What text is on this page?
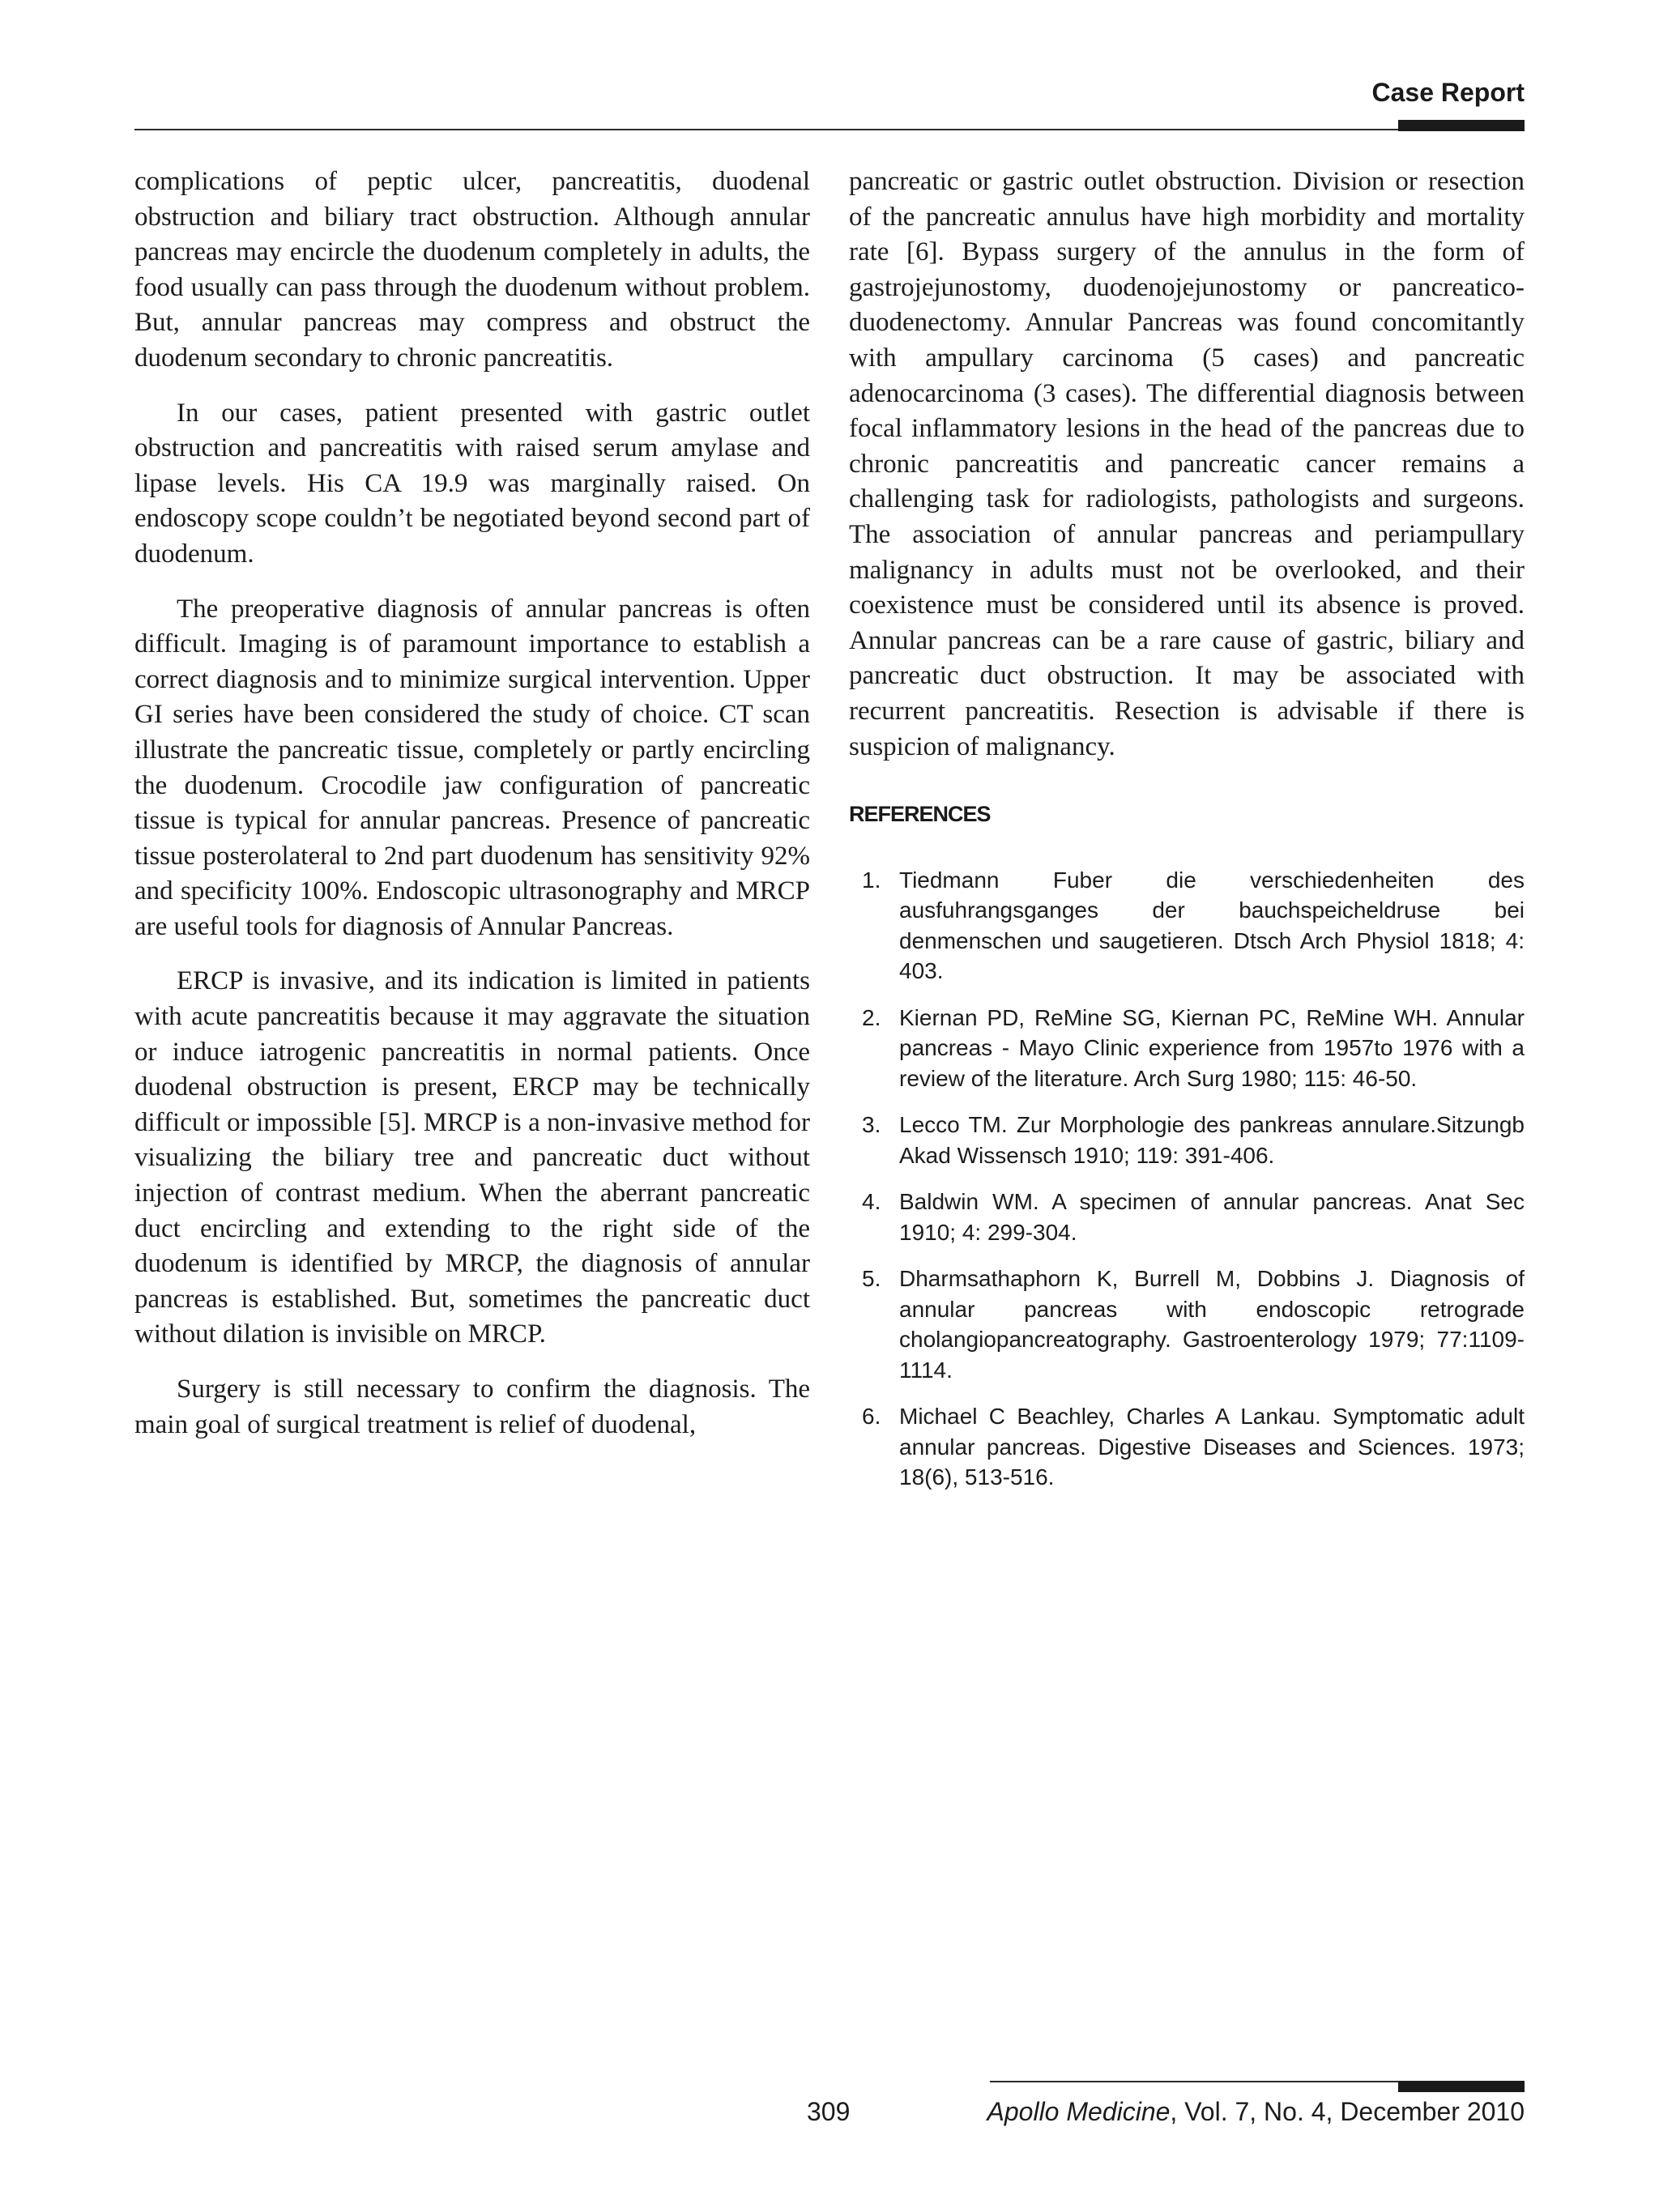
Case Report

complications of peptic ulcer, pancreatitis, duodenal obstruction and biliary tract obstruction. Although annular pancreas may encircle the duodenum completely in adults, the food usually can pass through the duodenum without problem. But, annular pancreas may compress and obstruct the duodenum secondary to chronic pancreatitis.

In our cases, patient presented with gastric outlet obstruction and pancreatitis with raised serum amylase and lipase levels. His CA 19.9 was marginally raised. On endoscopy scope couldn’t be negotiated beyond second part of duodenum.

The preoperative diagnosis of annular pancreas is often difficult. Imaging is of paramount importance to establish a correct diagnosis and to minimize surgical intervention. Upper GI series have been considered the study of choice. CT scan illustrate the pancreatic tissue, completely or partly encircling the duodenum. Crocodile jaw configuration of pancreatic tissue is typical for annular pancreas. Presence of pancreatic tissue posterolateral to 2nd part duodenum has sensitivity 92% and specificity 100%. Endoscopic ultrasonography and MRCP are useful tools for diagnosis of Annular Pancreas.

ERCP is invasive, and its indication is limited in patients with acute pancreatitis because it may aggravate the situation or induce iatrogenic pancreatitis in normal patients. Once duodenal obstruction is present, ERCP may be technically difficult or impossible [5]. MRCP is a non-invasive method for visualizing the biliary tree and pancreatic duct without injection of contrast medium. When the aberrant pancreatic duct encircling and extending to the right side of the duodenum is identified by MRCP, the diagnosis of annular pancreas is established. But, sometimes the pancreatic duct without dilation is invisible on MRCP.

Surgery is still necessary to confirm the diagnosis. The main goal of surgical treatment is relief of duodenal,

pancreatic or gastric outlet obstruction. Division or resection of the pancreatic annulus have high morbidity and mortality rate [6]. Bypass surgery of the annulus in the form of gastrojejunostomy, duodenojejunostomy or pancreatico-duodenectomy. Annular Pancreas was found concomitantly with ampullary carcinoma (5 cases) and pancreatic adenocarcinoma (3 cases). The differential diagnosis between focal inflammatory lesions in the head of the pancreas due to chronic pancreatitis and pancreatic cancer remains a challenging task for radiologists, pathologists and surgeons. The association of annular pancreas and periampullary malignancy in adults must not be overlooked, and their coexistence must be considered until its absence is proved. Annular pancreas can be a rare cause of gastric, biliary and pancreatic duct obstruction. It may be associated with recurrent pancreatitis. Resection is advisable if there is suspicion of malignancy.

REFERENCES
1. Tiedmann Fuber die verschiedenheiten des ausfuhrangsganges der bauchspeicheldruse bei denmenschen und saugetieren. Dtsch Arch Physiol 1818; 4: 403.
2. Kiernan PD, ReMine SG, Kiernan PC, ReMine WH. Annular pancreas - Mayo Clinic experience from 1957to 1976 with a review of the literature. Arch Surg 1980; 115: 46-50.
3. Lecco TM. Zur Morphologie des pankreas annulare.Sitzungb Akad Wissensch 1910; 119: 391-406.
4. Baldwin WM. A specimen of annular pancreas. Anat Sec 1910; 4: 299-304.
5. Dharmsathaphorn K, Burrell M, Dobbins J. Diagnosis of annular pancreas with endoscopic retrograde cholangiopancreatography. Gastroenterology 1979; 77:1109-1114.
6. Michael C Beachley, Charles A Lankau. Symptomatic adult annular pancreas. Digestive Diseases and Sciences. 1973; 18(6), 513-516.
309	Apollo Medicine, Vol. 7, No. 4, December 2010
